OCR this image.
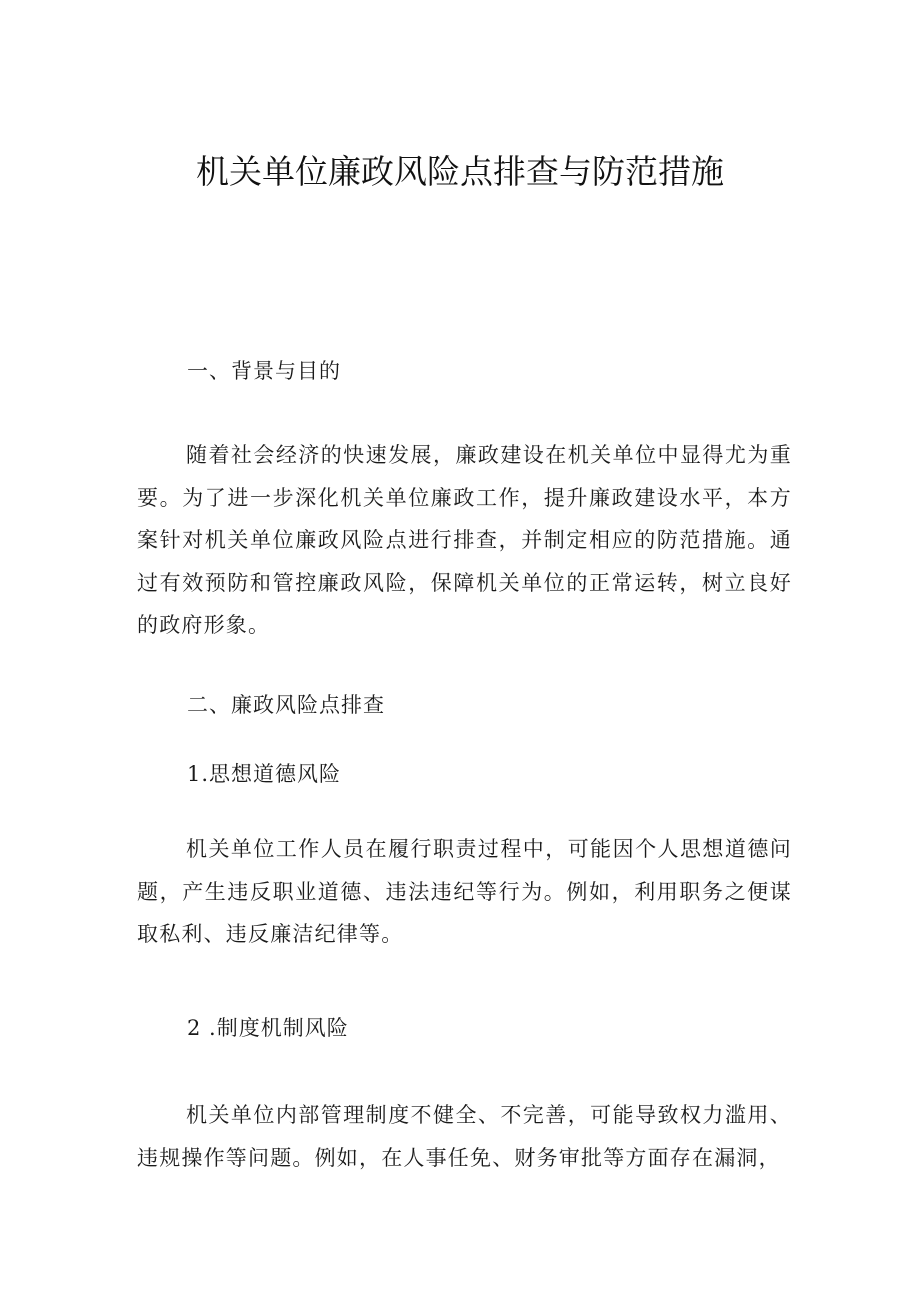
机关单位廉政风险点排查与防范措施
一、背景与目的
随着社会经济的快速发展，廉政建设在机关单位中显得尤为重要。为了进一步深化机关单位廉政工作，提升廉政建设水平，本方案针对机关单位廉政风险点进行排查，并制定相应的防范措施。通过有效预防和管控廉政风险，保障机关单位的正常运转，树立良好的政府形象。
二、廉政风险点排查
1.思想道德风险
机关单位工作人员在履行职责过程中，可能因个人思想道德问题，产生违反职业道德、违法违纪等行为。例如，利用职务之便谋取私利、违反廉洁纪律等。
2 .制度机制风险
机关单位内部管理制度不健全、不完善，可能导致权力滥用、违规操作等问题。例如，在人事任免、财务审批等方面存在漏洞，
